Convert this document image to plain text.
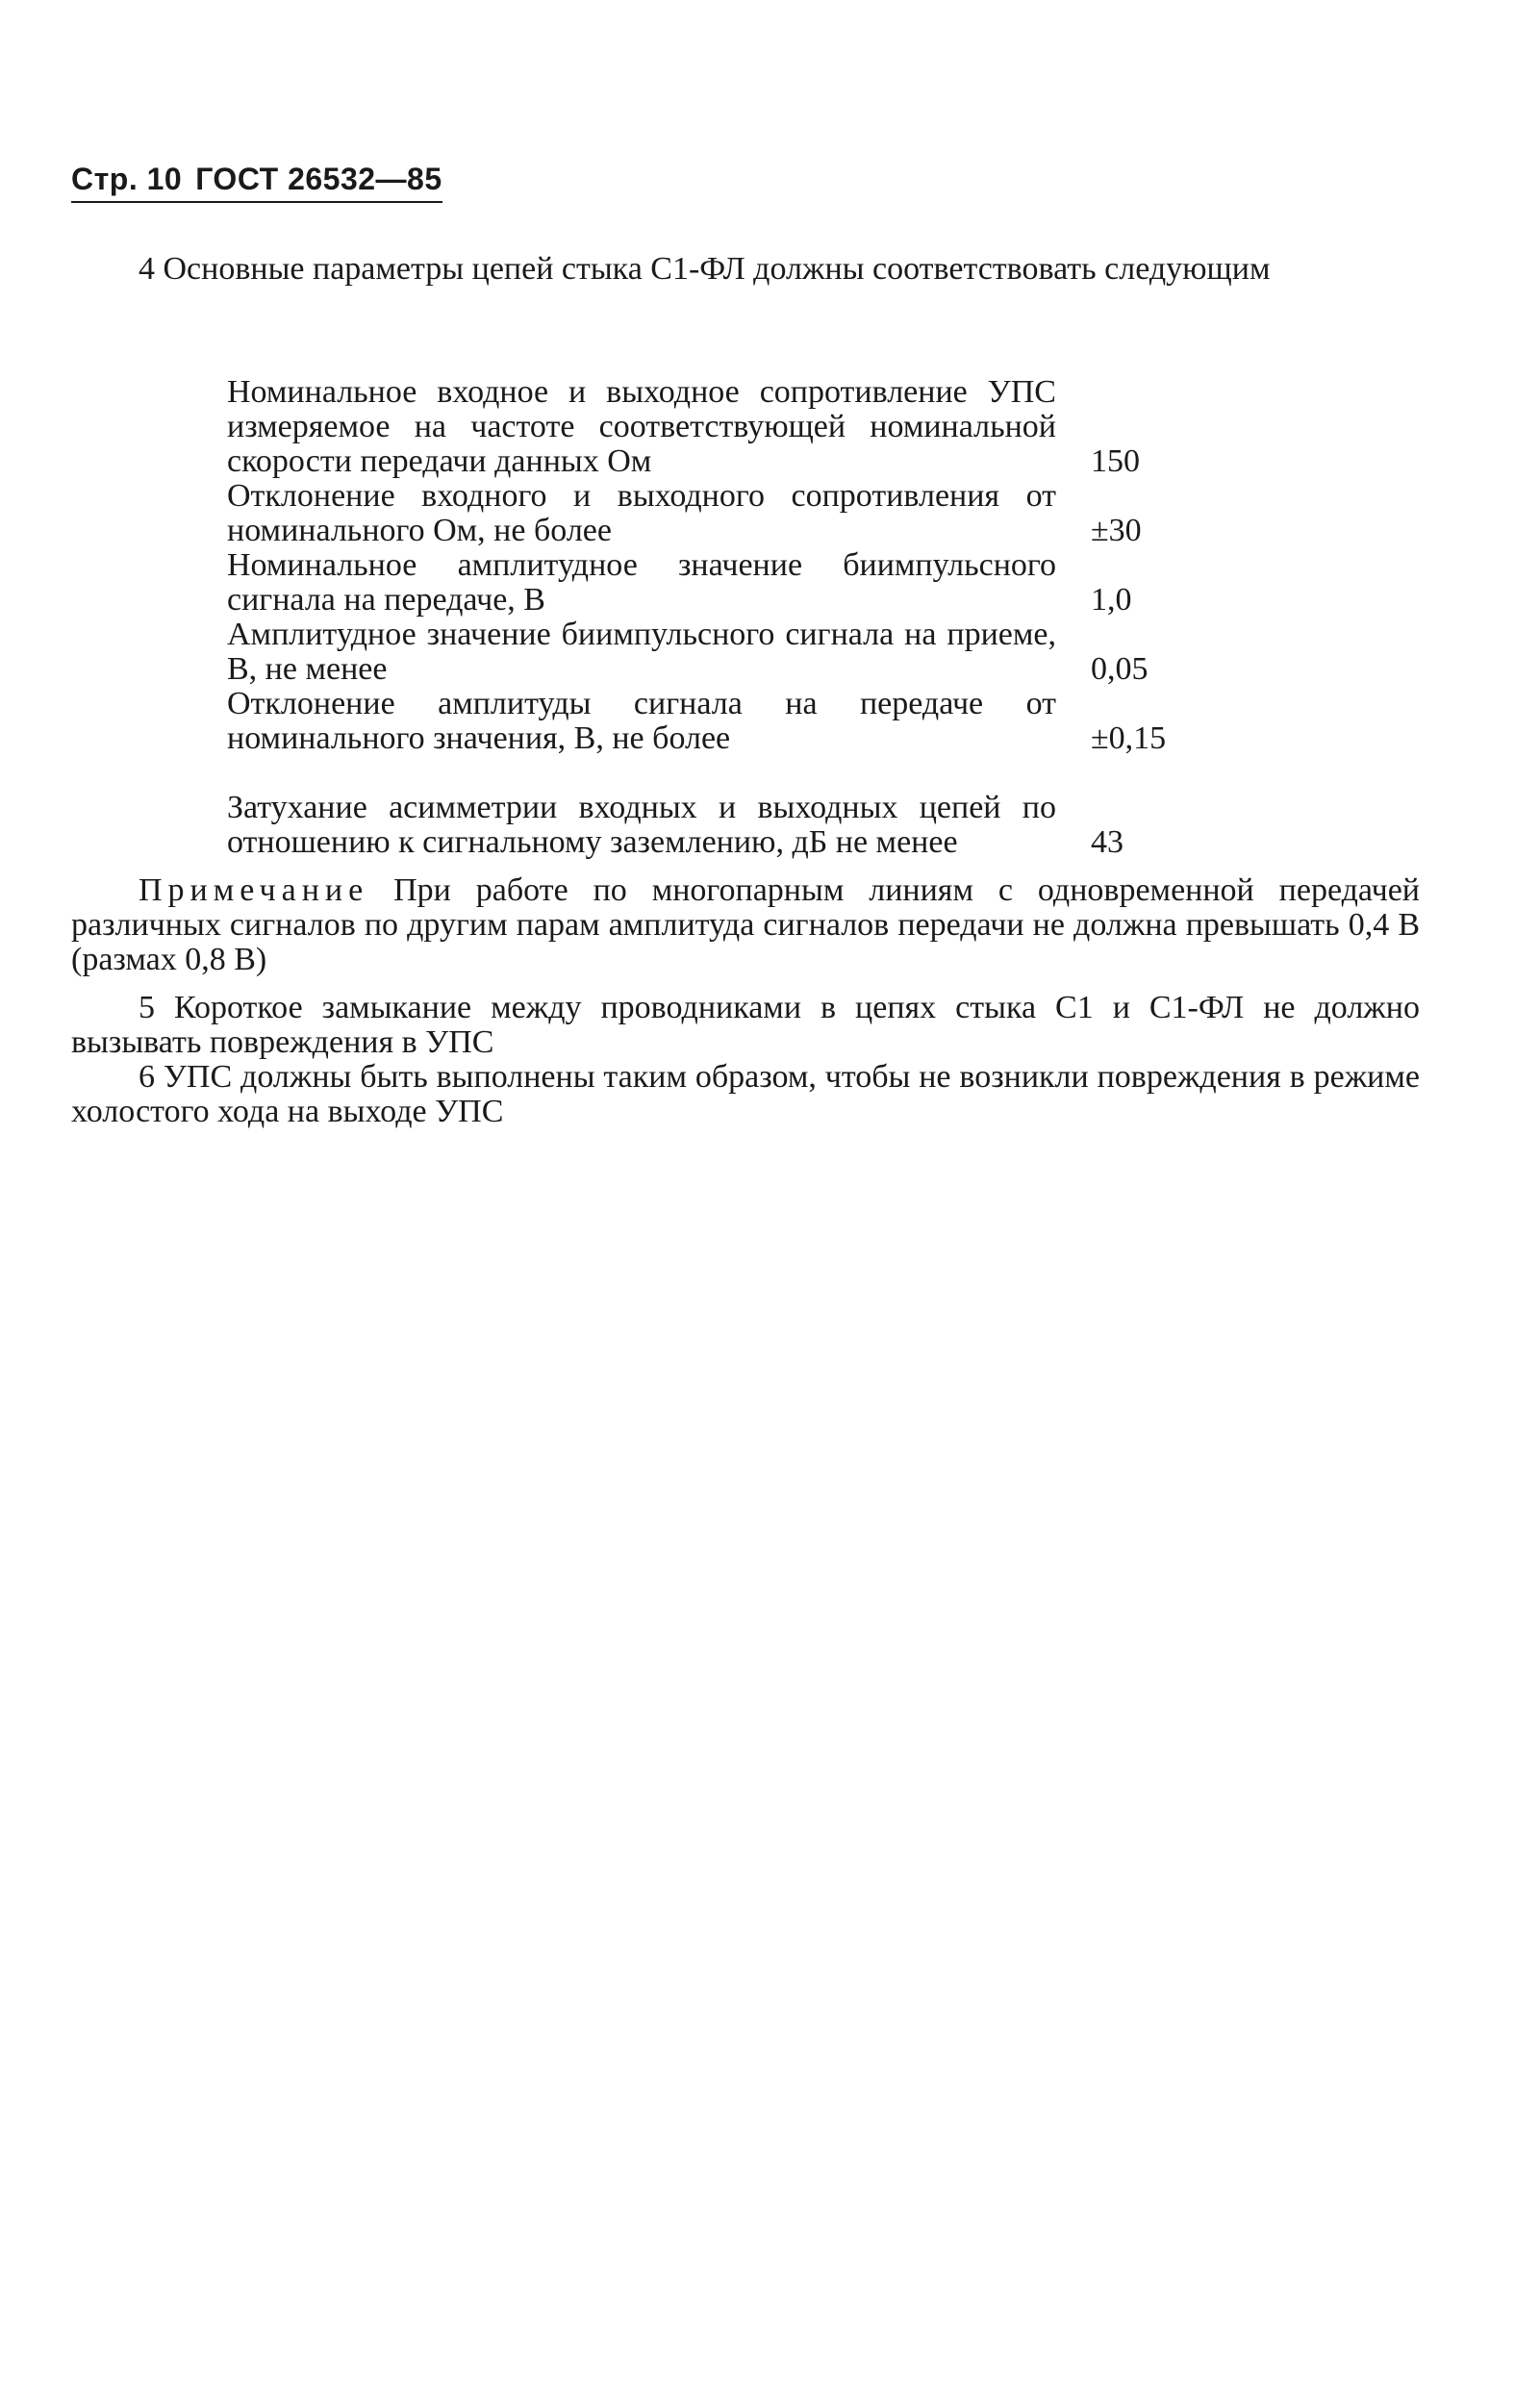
Стр. 10 ГОСТ 26532—85
4 Основные параметры цепей стыка С1-ФЛ должны соответствовать следующим
Номинальное входное и выходное сопротивление УПС измеряемое на частоте соответствующей номинальной скорости передачи данных Ом	150
Отклонение входного и выходного сопротивления от номинального Ом, не более	±30
Номинальное амплитудное значение биимпульсного сигнала на передаче, В	1,0
Амплитудное значение биимпульсного сигнала на приеме, В, не менее	0,05
Отклонение амплитуды сигнала на передаче от номинального значения, В, не более	±0,15
Затухание асимметрии входных и выходных цепей по отношению к сигнальному заземлению, дБ не менее	43
Примечание При работе по многопарным линиям с одновременной передачей различных сигналов по другим парам амплитуда сигналов передачи не должна превышать 0,4 В (размах 0,8 В)
5 Короткое замыкание между проводниками в цепях стыка С1 и С1-ФЛ не должно вызывать повреждения в УПС
6 УПС должны быть выполнены таким образом, чтобы не возникли повреждения в режиме холостого хода на выходе УПС
